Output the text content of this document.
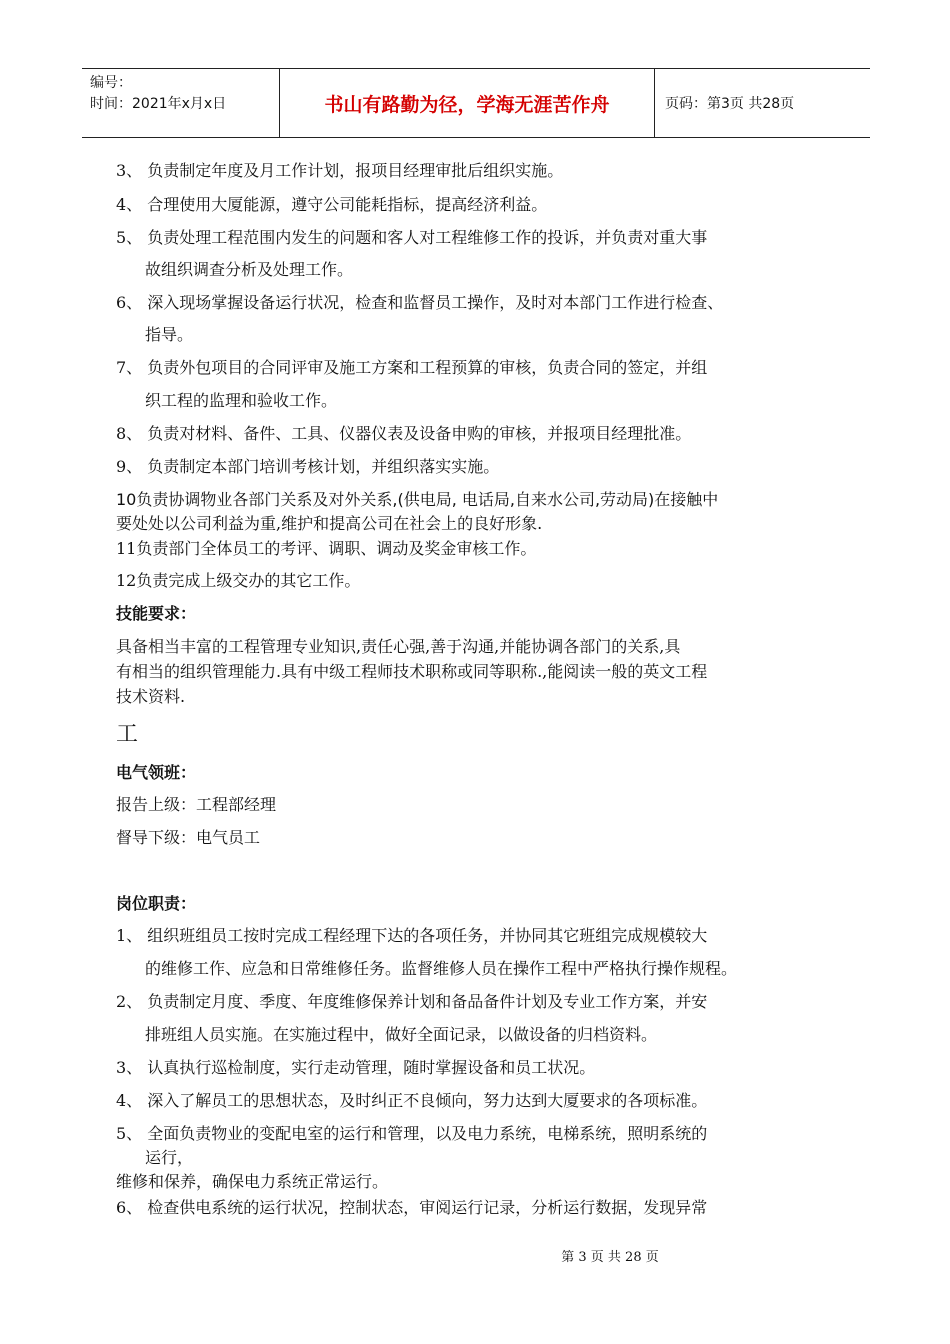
编号：
时间：2021年x月x日	书山有路勤为径，学海无涯苦作舟	页码：第3页 共28页
3、 负责制定年度及月工作计划，报项目经理审批后组织实施。
4、 合理使用大厦能源，遵守公司能耗指标，提高经济利益。
5、 负责处理工程范围内发生的问题和客人对工程维修工作的投诉，并负责对重大事
故组织调查分析及处理工作。
6、 深入现场掌握设备运行状况，检查和监督员工操作，及时对本部门工作进行检查、
指导。
7、 负责外包项目的合同评审及施工方案和工程预算的审核，负责合同的签定，并组
织工程的监理和验收工作。
8、 负责对材料、备件、工具、仪器仪表及设备申购的审核，并报项目经理批准。
9、 负责制定本部门培训考核计划，并组织落实实施。
10负责协调物业各部门关系及对外关系,(供电局, 电话局,自来水公司,劳动局)在接触中
要处处以公司利益为重,维护和提高公司在社会上的良好形象.
11负责部门全体员工的考评、调职、调动及奖金审核工作。
12负责完成上级交办的其它工作。
技能要求：
具备相当丰富的工程管理专业知识,责任心强,善于沟通,并能协调各部门的关系,具
有相当的组织管理能力.具有中级工程师技术职称或同等职称.,能阅读一般的英文工程
技术资料.
工
电气领班：
报告上级：工程部经理
督导下级：电气员工
岗位职责：
1、 组织班组员工按时完成工程经理下达的各项任务，并协同其它班组完成规模较大
的维修工作、应急和日常维修任务。监督维修人员在操作工程中严格执行操作规程。
2、 负责制定月度、季度、年度维修保养计划和备品备件计划及专业工作方案，并安
排班组人员实施。在实施过程中，做好全面记录，以做设备的归档资料。
3、 认真执行巡检制度，实行走动管理，随时掌握设备和员工状况。
4、 深入了解员工的思想状态，及时纠正不良倾向，努力达到大厦要求的各项标准。
5、 全面负责物业的变配电室的运行和管理，以及电力系统，电梯系统，照明系统的
运行，
维修和保养，确保电力系统正常运行。
6、 检查供电系统的运行状况，控制状态，审阅运行记录，分析运行数据，发现异常
第 3 页 共 28 页
